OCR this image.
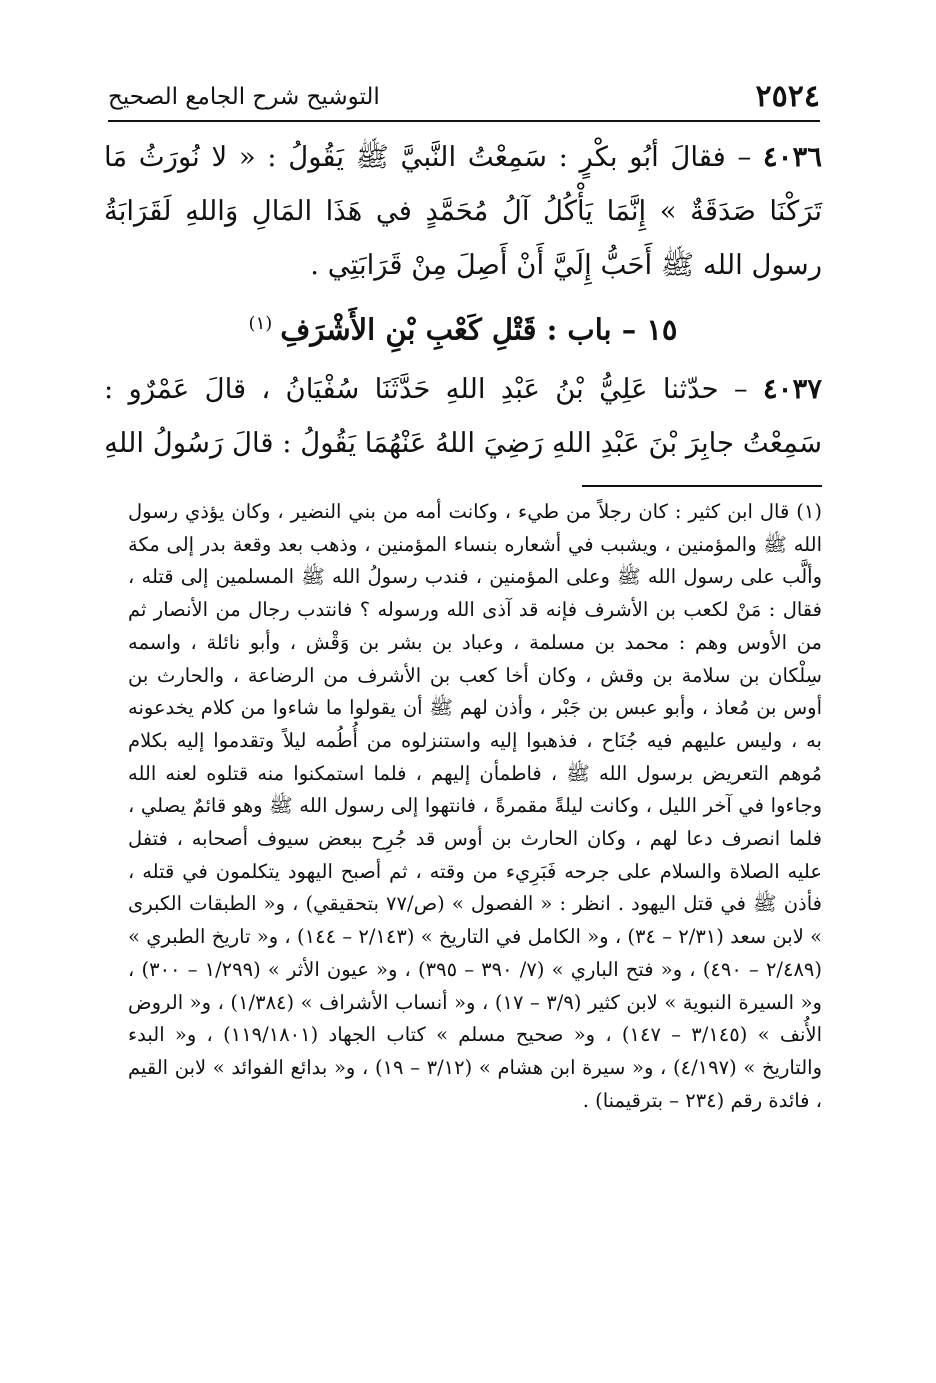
٢٥٢٤
التوشيح شرح الجامع الصحيح

٤٠٣٦ – فقالَ أبُو بكْرٍ : سَمِعْتُ النَّبيَّ ﷺ يَقُولُ : « لا نُورَثُ مَا تَرَكْنَا صَدَقَةٌ » إِنَّمَا يَأْكُلُ آلُ مُحَمَّدٍ في هَذَا المَالِ وَاللهِ لَقَرَابَةُ رسول الله ﷺ أَحَبُّ إِلَيَّ أَنْ أَصِلَ مِنْ قَرَابَتِي .

١٥ – باب : قَتْلِ كَعْبِ بْنِ الأَشْرَفِ$^{(١)}$

٤٠٣٧ – حدّثنا عَلِيُّ بْنُ عَبْدِ اللهِ حَدَّثَنَا سُفْيَانُ ، قالَ عَمْرٌو : سَمِعْتُ جابِرَ بْنَ عَبْدِ اللهِ رَضِيَ اللهُ عَنْهُمَا يَقُولُ : قالَ رَسُولُ اللهِ

(١) قال ابن كثير : كان رجلاً من طيء ، وكانت أمه من بني النضير ، وكان يؤذي رسول الله ﷺ والمؤمنين ، ويشبب في أشعاره بنساء المؤمنين ، وذهب بعد وقعة بدر إلى مكة وألَّب على رسول الله ﷺ وعلى المؤمنين ، فندب رسولُ الله ﷺ المسلمين إلى قتله ، فقال : مَنْ لكعب بن الأشرف فإنه قد آذى الله ورسوله ؟ فانتدب رجال من الأنصار ثم من الأوس وهم : محمد بن مسلمة ، وعباد بن بشر بن وَقْش ، وأبو نائلة ، واسمه سِلْكان بن سلامة بن وقش ، وكان أخا كعب بن الأشرف من الرضاعة ، والحارث بن أوس بن مُعاذ ، وأبو عبس بن جَبْر ، وأذن لهم ﷺ أن يقولوا ما شاءوا من كلام يخدعونه به ، وليس عليهم فيه جُنَاح ، فذهبوا إليه واستنزلوه من أُطُمه ليلاً وتقدموا إليه بكلام مُوهم التعريض برسول الله ﷺ ، فاطمأن إليهم ، فلما استمكنوا منه قتلوه لعنه الله وجاءوا في آخر الليل ، وكانت ليلةً مقمرةً ، فانتهوا إلى رسول الله ﷺ وهو قائمٌ يصلي ، فلما انصرف دعا لهم ، وكان الحارث بن أوس قد جُرِح ببعض سيوف أصحابه ، فتفل عليه الصلاة والسلام على جرحه فَبَرِيء من وقته ، ثم أصبح اليهود يتكلمون في قتله ، فأذن ﷺ في قتل اليهود . انظر : « الفصول » (ص/٧٧ بتحقيقي) ، و« الطبقات الكبرى » لابن سعد (٢/٣١ – ٣٤) ، و« الكامل في التاريخ » (٢/١٤٣ – ١٤٤) ، و« تاريخ الطبري » (٢/٤٨٩ – ٤٩٠) ، و« فتح الباري » (٧/ ٣٩٠ – ٣٩٥) ، و« عيون الأثر » (١/٢٩٩ – ٣٠٠) ، و« السيرة النبوية » لابن كثير (٣/٩ – ١٧) ، و« أنساب الأشراف » (١/٣٨٤) ، و« الروض الأُنف » (٣/١٤٥ – ١٤٧) ، و« صحيح مسلم » كتاب الجهاد (١١٩/١٨٠١) ، و« البدء والتاريخ » (٤/١٩٧) ، و« سيرة ابن هشام » (٣/١٢ – ١٩) ، و« بدائع الفوائد » لابن القيم ، فائدة رقم (٢٣٤ – بترقيمنا) .
